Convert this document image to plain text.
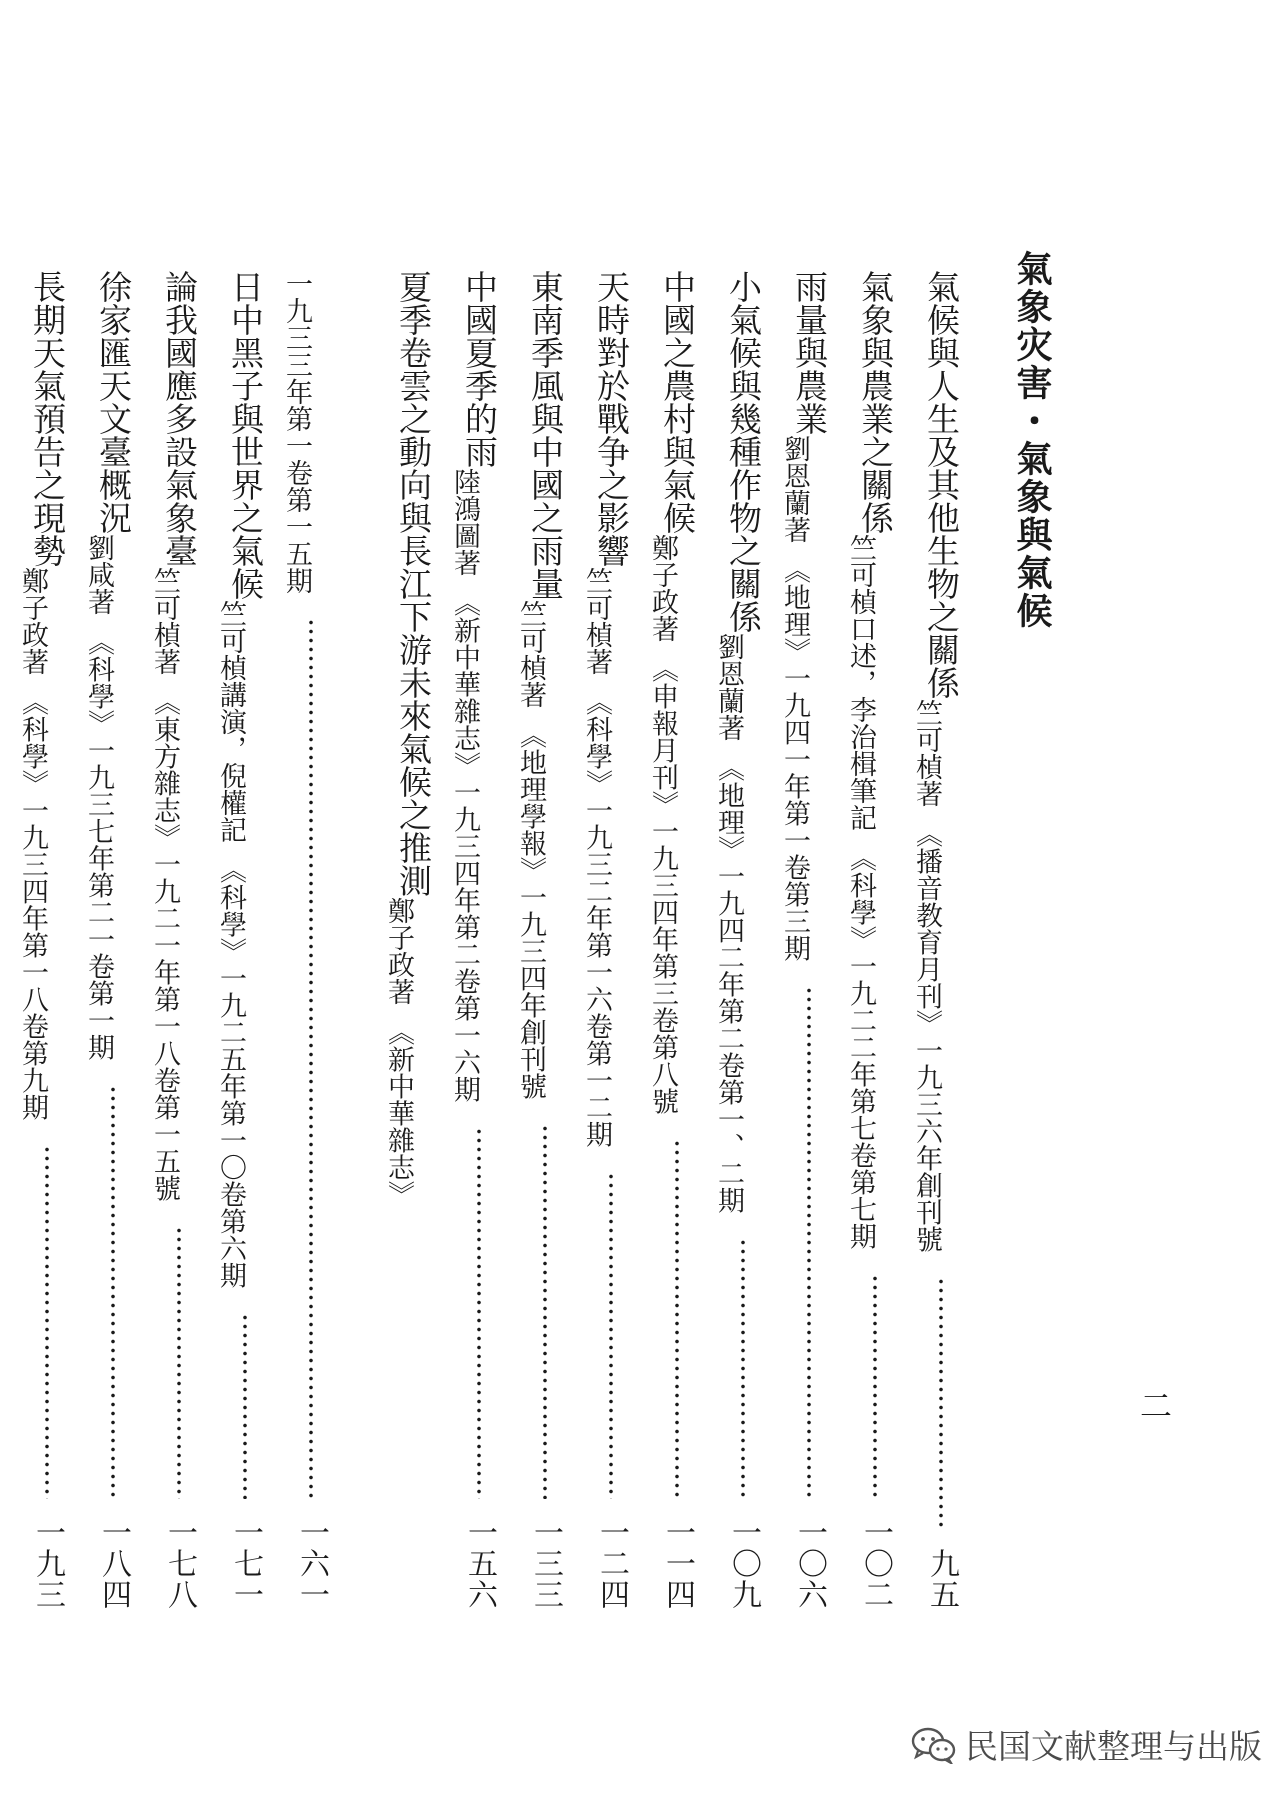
氣象灾害・氣象與氣候
二
氣候與人生及其他生物之關係
竺可楨著　《播音教育月刊》一九三六年創刊號
九五
氣象與農業之關係
竺可楨口述，李治楫筆記　《科學》一九二二年第七卷第七期
一〇二
雨量與農業
劉恩蘭著　《地理》一九四一年第一卷第三期
一〇六
小氣候與幾種作物之關係
劉恩蘭著　《地理》一九四二年第二卷第一、二期
一〇九
中國之農村與氣候
鄭子政著　《申報月刊》一九三四年第三卷第八號
一一四
天時對於戰争之影響
竺可楨著　《科學》一九三二年第一六卷第一二期
一二四
東南季風與中國之雨量
竺可楨著　《地理學報》一九三四年創刊號
一三三
中國夏季的雨
陸鴻圖著　《新中華雜志》一九三四年第二卷第一六期
一五六
夏季卷雲之動向與長江下游未來氣候之推測
鄭子政著　《新中華雜志》
一九三三年第一卷第一五期
一六一
日中黑子與世界之氣候
竺可楨講演，倪權記　《科學》一九二五年第一〇卷第六期
一七一
論我國應多設氣象臺
竺可楨著　《東方雜志》一九二一年第一八卷第一五號
一七八
徐家匯天文臺概況
劉咸著　《科學》一九三七年第二一卷第一期
一八四
長期天氣預告之現勢
鄭子政著　《科學》一九三四年第一八卷第九期
一九三
民国文献整理与出版
